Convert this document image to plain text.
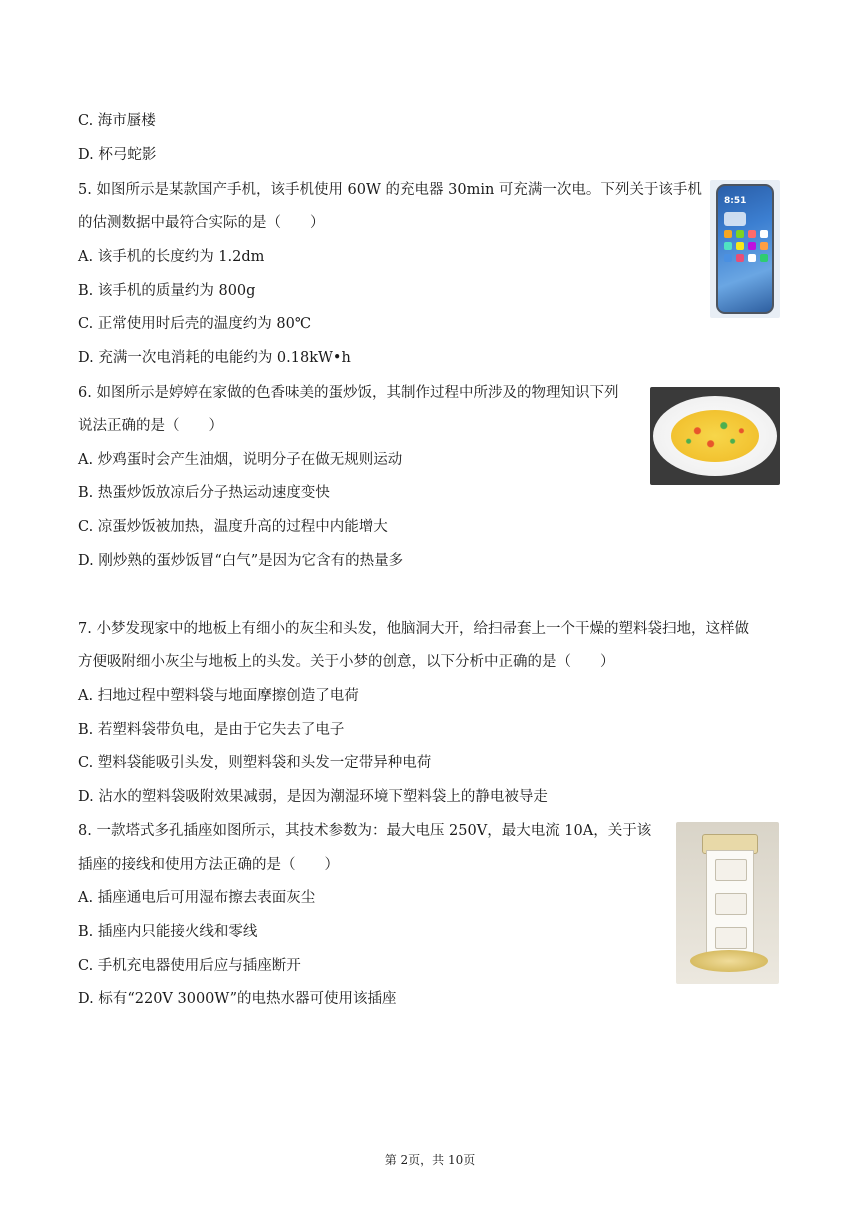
C. 海市蜃楼
D. 杯弓蛇影
5. 如图所示是某款国产手机，该手机使用 60W 的充电器 30min 可充满一次电。下列关于该手机
的估测数据中最符合实际的是（　　）
A. 该手机的长度约为 1.2dm
B. 该手机的质量约为 800g
C. 正常使用时后壳的温度约为 80℃
D. 充满一次电消耗的电能约为 0.18kW•h
6. 如图所示是婷婷在家做的色香味美的蛋炒饭，其制作过程中所涉及的物理知识下列
说法正确的是（　　）
A. 炒鸡蛋时会产生油烟，说明分子在做无规则运动
B. 热蛋炒饭放凉后分子热运动速度变快
C. 凉蛋炒饭被加热，温度升高的过程中内能增大
D. 刚炒熟的蛋炒饭冒“白气”是因为它含有的热量多
7. 小梦发现家中的地板上有细小的灰尘和头发，他脑洞大开，给扫帚套上一个干燥的塑料袋扫地，这样做
方便吸附细小灰尘与地板上的头发。关于小梦的创意，以下分析中正确的是（　　）
A. 扫地过程中塑料袋与地面摩擦创造了电荷
B. 若塑料袋带负电，是由于它失去了电子
C. 塑料袋能吸引头发，则塑料袋和头发一定带异种电荷
D. 沾水的塑料袋吸附效果减弱，是因为潮湿环境下塑料袋上的静电被导走
8. 一款塔式多孔插座如图所示，其技术参数为：最大电压 250V，最大电流 10A，关于该
插座的接线和使用方法正确的是（　　）
A. 插座通电后可用湿布擦去表面灰尘
B. 插座内只能接火线和零线
C. 手机充电器使用后应与插座断开
D. 标有“220V 3000W”的电热水器可使用该插座
8:51
第 2页，共 10页
